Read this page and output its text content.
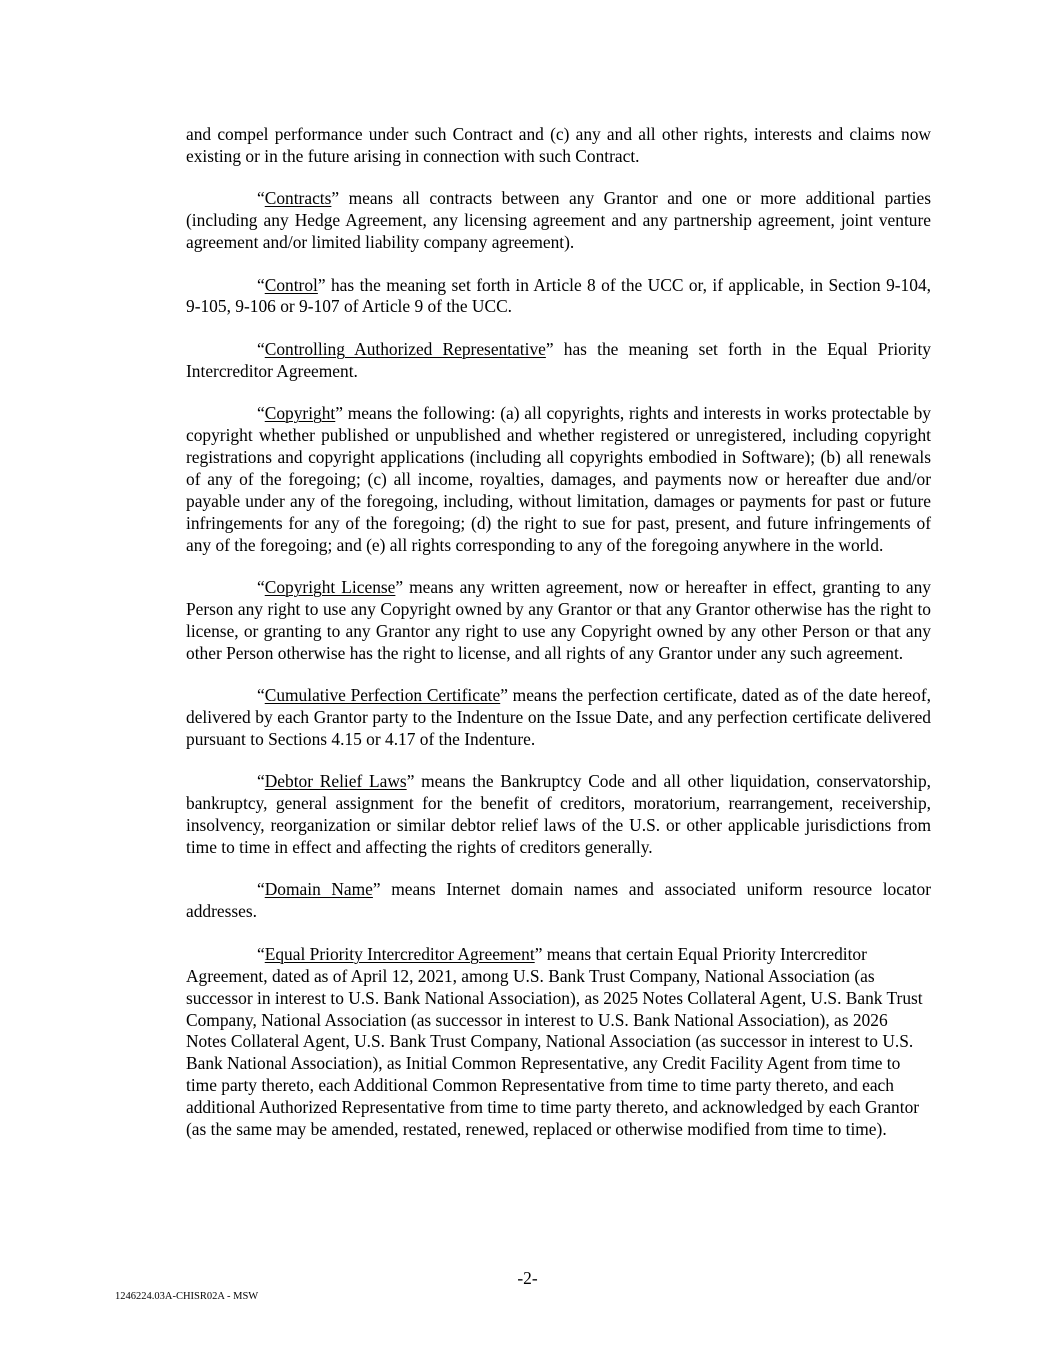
and compel performance under such Contract and (c) any and all other rights, interests and claims now existing or in the future arising in connection with such Contract.

“Contracts” means all contracts between any Grantor and one or more additional parties (including any Hedge Agreement, any licensing agreement and any partnership agreement, joint venture agreement and/or limited liability company agreement).

“Control” has the meaning set forth in Article 8 of the UCC or, if applicable, in Section 9-104, 9-105, 9-106 or 9-107 of Article 9 of the UCC.

“Controlling Authorized Representative” has the meaning set forth in the Equal Priority Intercreditor Agreement.

“Copyright” means the following: (a) all copyrights, rights and interests in works protectable by copyright whether published or unpublished and whether registered or unregistered, including copyright registrations and copyright applications (including all copyrights embodied in Software); (b) all renewals of any of the foregoing; (c) all income, royalties, damages, and payments now or hereafter due and/or payable under any of the foregoing, including, without limitation, damages or payments for past or future infringements for any of the foregoing; (d) the right to sue for past, present, and future infringements of any of the foregoing; and (e) all rights corresponding to any of the foregoing anywhere in the world.

“Copyright License” means any written agreement, now or hereafter in effect, granting to any Person any right to use any Copyright owned by any Grantor or that any Grantor otherwise has the right to license, or granting to any Grantor any right to use any Copyright owned by any other Person or that any other Person otherwise has the right to license, and all rights of any Grantor under any such agreement.

“Cumulative Perfection Certificate” means the perfection certificate, dated as of the date hereof, delivered by each Grantor party to the Indenture on the Issue Date, and any perfection certificate delivered pursuant to Sections 4.15 or 4.17 of the Indenture.

“Debtor Relief Laws” means the Bankruptcy Code and all other liquidation, conservatorship, bankruptcy, general assignment for the benefit of creditors, moratorium, rearrangement, receivership, insolvency, reorganization or similar debtor relief laws of the U.S. or other applicable jurisdictions from time to time in effect and affecting the rights of creditors generally.

“Domain Name” means Internet domain names and associated uniform resource locator addresses.

“Equal Priority Intercreditor Agreement” means that certain Equal Priority Intercreditor Agreement, dated as of April 12, 2021, among U.S. Bank Trust Company, National Association (as successor in interest to U.S. Bank National Association), as 2025 Notes Collateral Agent, U.S. Bank Trust Company, National Association (as successor in interest to U.S. Bank National Association), as 2026 Notes Collateral Agent, U.S. Bank Trust Company, National Association (as successor in interest to U.S. Bank National Association), as Initial Common Representative, any Credit Facility Agent from time to time party thereto, each Additional Common Representative from time to time party thereto, and each additional Authorized Representative from time to time party thereto, and acknowledged by each Grantor (as the same may be amended, restated, renewed, replaced or otherwise modified from time to time).

-2-
1246224.03A-CHISR02A - MSW
